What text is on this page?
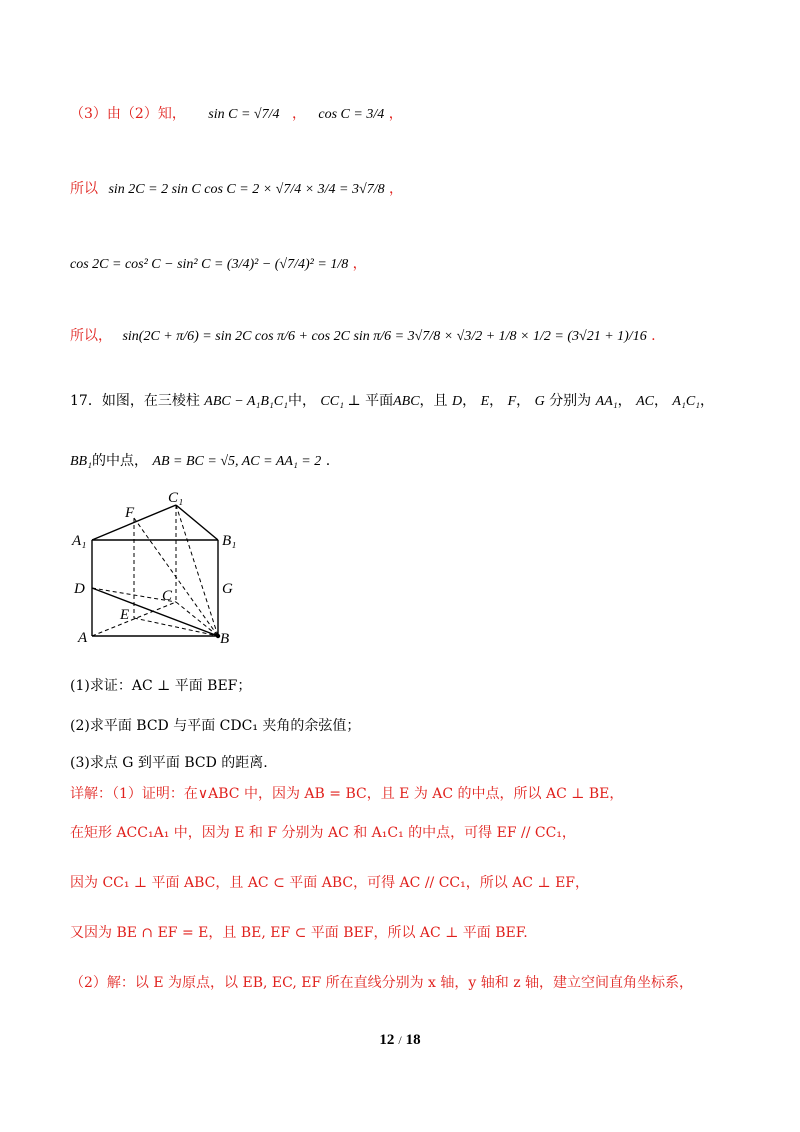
（3）由（2）知， sin C = √7/4 ， cos C = 3/4 ，
所以 sin 2C = 2 sin C cos C = 2 × √7/4 × 3/4 = 3√7/8 ，
cos 2C = cos² C − sin² C = (3/4)² − (√7/4)² = 1/8 ，
所以， sin(2C + π/6) = sin 2C cos π/6 + cos 2C sin π/6 = 3√7/8 × √3/2 + 1/8 × 1/2 = (3√21 + 1)/16 .
17．如图，在三棱柱 ABC − A₁B₁C₁中， CC₁ ⊥ 平面ABC，且 D， E， F， G 分别为 AA₁， AC， A₁C₁，
BB₁的中点， AB = BC = √5, AC = AA₁ = 2 .
A₁	B₁
C₁
F
D	G
C
E
A	B
(1)求证：AC ⊥ 平面 BEF；
(2)求平面 BCD 与平面 CDC₁ 夹角的余弦值；
(3)求点 G 到平面 BCD 的距离.
详解：（1）证明：在∨ABC 中，因为 AB = BC，且 E 为 AC 的中点，所以 AC ⊥ BE，
在矩形 ACC₁A₁ 中，因为 E 和 F 分别为 AC 和 A₁C₁ 的中点，可得 EF // CC₁，
因为 CC₁ ⊥ 平面 ABC，且 AC ⊂ 平面 ABC，可得 AC // CC₁，所以 AC ⊥ EF，
又因为 BE ∩ EF = E，且 BE, EF ⊂ 平面 BEF，所以 AC ⊥ 平面 BEF.
（2）解：以 E 为原点，以 EB, EC, EF 所在直线分别为 x 轴，y 轴和 z 轴，建立空间直角坐标系，
12 / 18
